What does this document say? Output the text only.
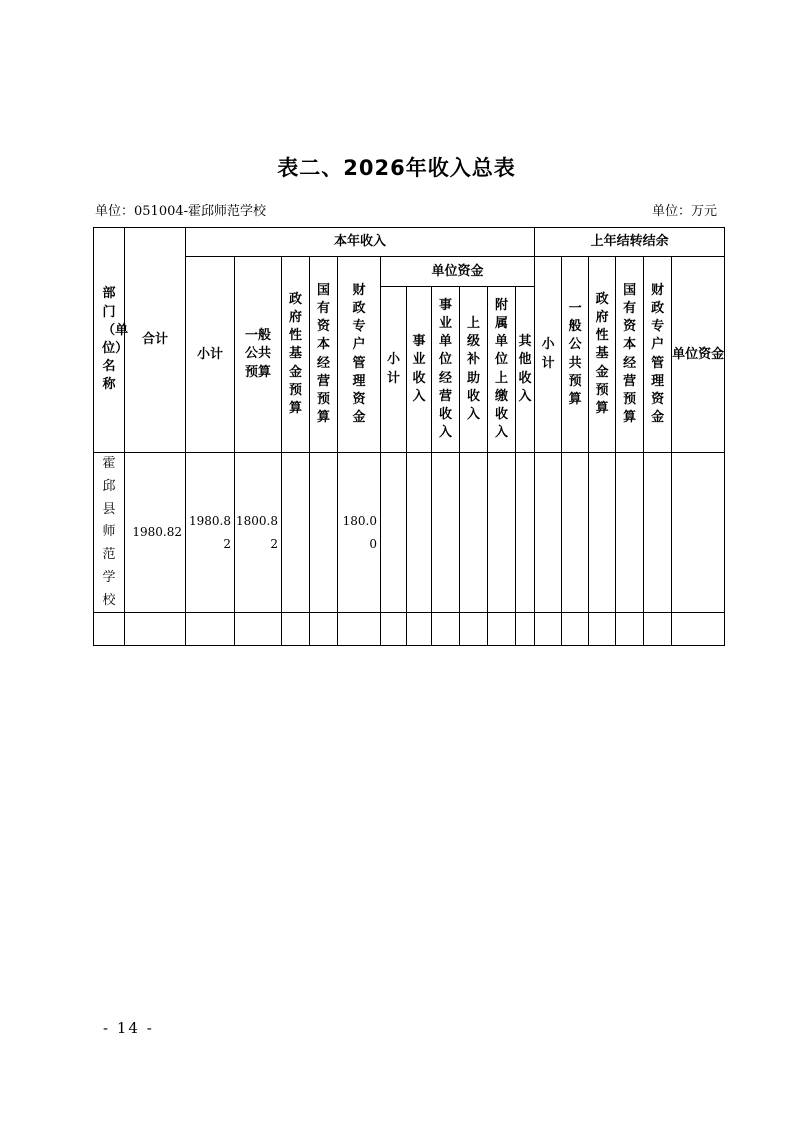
表二、2026年收入总表
单位：051004-霍邱师范学校	单位：万元
部门（单位）名称	合计	本年收入											上年结转结余					
		小计	一般公共预算	政府性基金预算	国有资本经营预算	财政专户管理资金	单位资金						小计	一般公共预算	政府性基金预算	国有资本经营预算	财政专户管理资金	单位资金
							小计	事业收入	事业单位经营收入	上级补助收入	附属单位上缴收入	其他收入						
霍邱县师范学校	1980.82	1980.82	1800.82			180.00												

- 14 -
